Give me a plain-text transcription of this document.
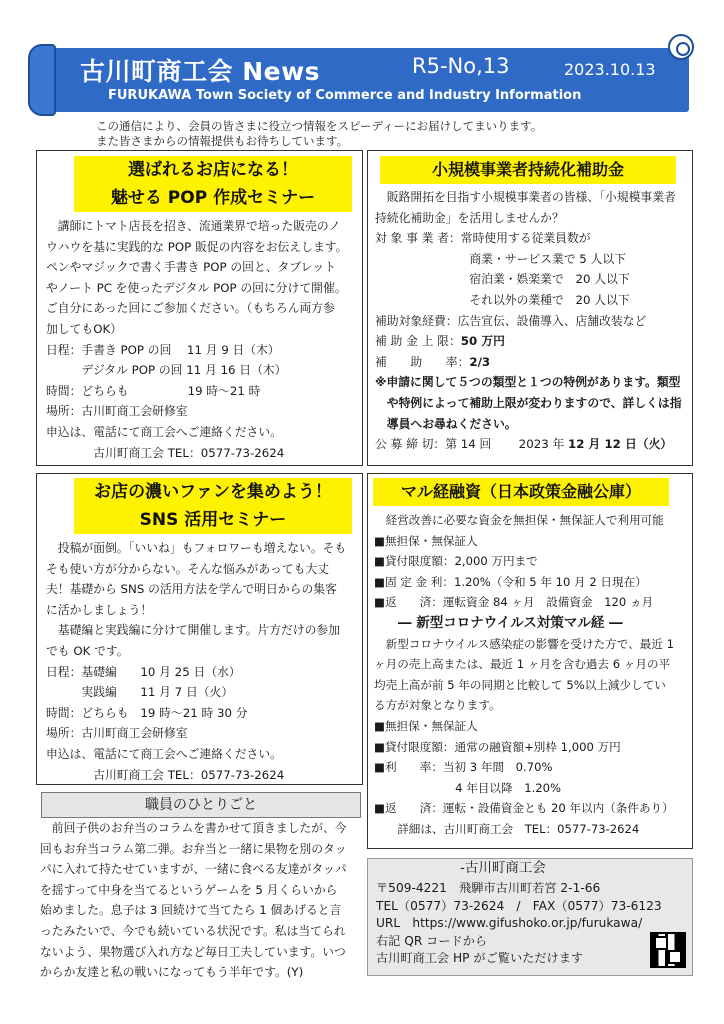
古川町商工会 News	R5-No,13	2023.10.13
FURUKAWA Town Society of Commerce and Industry Information
この通信により、会員の皆さまに役立つ情報をスピーディーにお届けしてまいります。
また皆さまからの情報提供もお待ちしています。
選ばれるお店になる！
魅せる POP 作成セミナー
　講師にトマト店長を招き、流通業界で培った販売のノ
ウハウを基に実践的な POP 販促の内容をお伝えします。
ペンやマジックで書く手書き POP の回と、タブレット
やノート PC を使ったデジタル POP の回に分けて開催。
ご自分にあった回にご参加ください。（もちろん両方参
加してもOK）
日程：手書き POP の回　 11 月 9 日（木）
　　　デジタル POP の回 11 月 16 日（木）
時間：どちらも　　　　　19 時～21 時
場所：古川町商工会研修室
申込は、電話にて商工会へご連絡ください。
　　　　古川町商工会 TEL：0577-73-2624
お店の濃いファンを集めよう！
SNS 活用セミナー
　投稿が面倒。「いいね」もフォロワーも増えない。そも
そも使い方が分からない。そんな悩みがあっても大丈
夫！基礎から SNS の活用方法を学んで明日からの集客
に活かしましょう！
　基礎編と実践編に分けて開催します。片方だけの参加
でも OK です。
日程：基礎編　　10 月 25 日（水）
　　　実践編　　11 月 7 日（火）
時間：どちらも　19 時～21 時 30 分
場所：古川町商工会研修室
申込は、電話にて商工会へご連絡ください。
　　　　古川町商工会 TEL：0577-73-2624
職員のひとりごと
　前回子供のお弁当のコラムを書かせて頂きましたが、今
回もお弁当コラム第二弾。お弁当と一緒に果物を別のタッ
パに入れて持たせていますが、一緒に食べる友達がタッパ
を揺すって中身を当てるというゲームを 5 月くらいから
始めました。息子は 3 回続けて当てたら 1 個あげると言
ったみたいで、今でも続いている状況です。私は当てられ
ないよう、果物選び入れ方など毎日工夫しています。いつ
からか友達と私の戦いになってもう半年です。(Y)
小規模事業者持続化補助金
　販路開拓を目指す小規模事業者の皆様、「小規模事業者
持続化補助金」を活用しませんか？
対 象 事 業 者：常時使用する従業員数が
　　　　　　　　商業・サービス業で 5 人以下
　　　　　　　　宿泊業・娯楽業で　20 人以下
　　　　　　　　それ以外の業種で　20 人以下
補助対象経費：広告宣伝、設備導入、店舗改装など
補 助 金 上 限：50 万円
補　　助　　率：2/3
※申請に関して５つの類型と１つの特例があります。類型
　や特例によって補助上限が変わりますので、詳しくは指
　導員へお尋ねください。
公 募 締 切：第 14 回　　 2023 年 12 月 12 日（火）
マル経融資（日本政策金融公庫）
　経営改善に必要な資金を無担保・無保証人で利用可能
■無担保・無保証人
■貸付限度額：2,000 万円まで
■固 定 金 利：1.20%（令和 5 年 10 月 2 日現在）
■返　　済：運転資金 84 ヶ月　設備資金　120 ヵ月
― 新型コロナウイルス対策マル経 ―
　新型コロナウイルス感染症の影響を受けた方で、最近 1
ヶ月の売上高または、最近 1 ヶ月を含む過去 6 ヶ月の平
均売上高が前 5 年の同期と比較して 5%以上減少してい
る方が対象となります。
■無担保・無保証人
■貸付限度額：通常の融資額+別枠 1,000 万円
■利　　率：当初 3 年間　0.70%
　　　　　　　4 年目以降　1.20%
■返　　済：運転・設備資金とも 20 年以内（条件あり）
　　詳細は、古川町商工会　TEL：0577-73-2624
-古川町商工会
〒509-4221　飛騨市古川町若宮 2-1-66
TEL（0577）73-2624　/　FAX（0577）73-6123
URL　https://www.gifushoko.or.jp/furukawa/
右記 QR コードから
古川町商工会 HP がご覧いただけます
